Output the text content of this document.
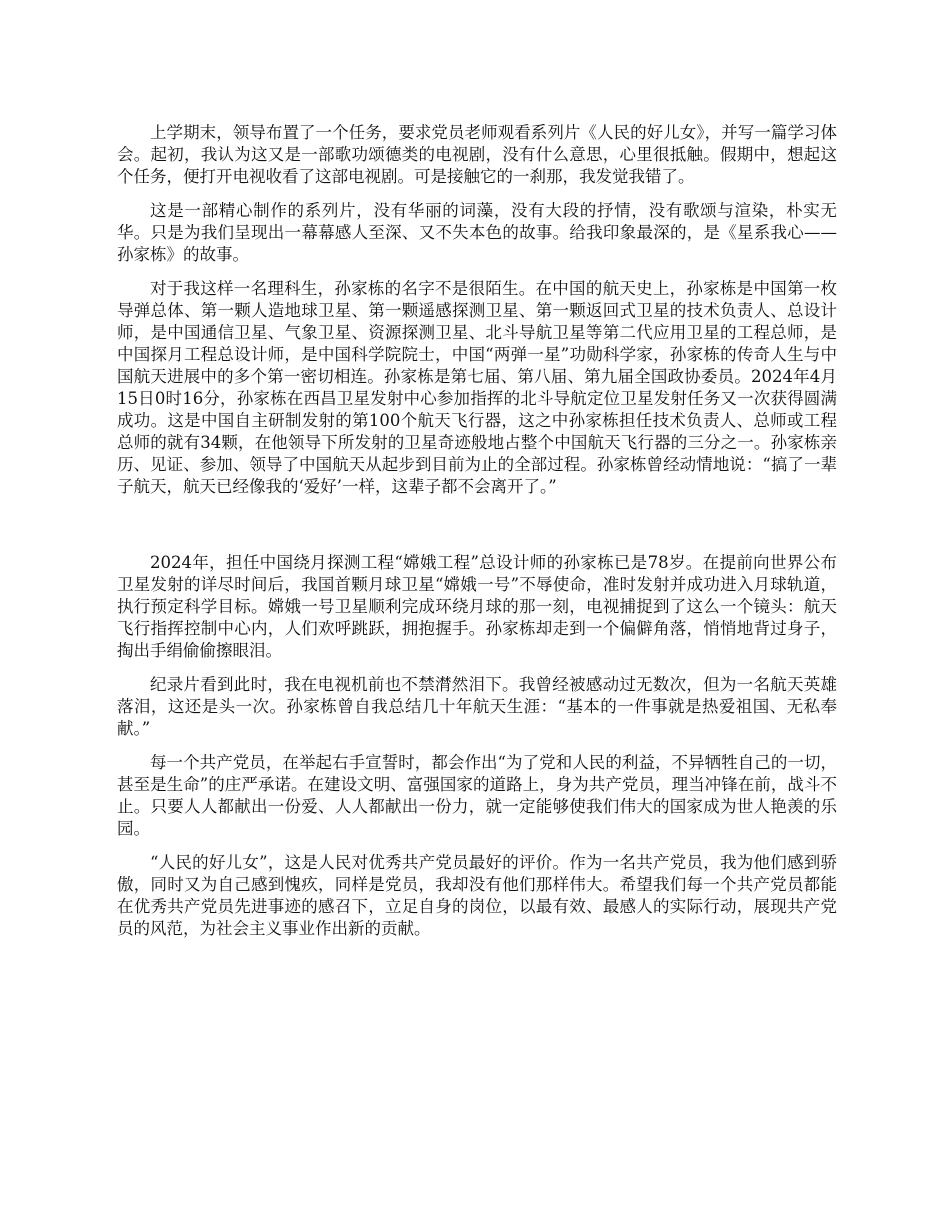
上学期末，领导布置了一个任务，要求党员老师观看系列片《人民的好儿女》，并写一篇学习体会。起初，我认为这又是一部歌功颂德类的电视剧，没有什么意思，心里很抵触。假期中，想起这个任务，便打开电视收看了这部电视剧。可是接触它的一刹那，我发觉我错了。

这是一部精心制作的系列片，没有华丽的词藻，没有大段的抒情，没有歌颂与渲染，朴实无华。只是为我们呈现出一幕幕感人至深、又不失本色的故事。给我印象最深的，是《星系我心——孙家栋》的故事。

对于我这样一名理科生，孙家栋的名字不是很陌生。在中国的航天史上，孙家栋是中国第一枚导弹总体、第一颗人造地球卫星、第一颗遥感探测卫星、第一颗返回式卫星的技术负责人、总设计师，是中国通信卫星、气象卫星、资源探测卫星、北斗导航卫星等第二代应用卫星的工程总师，是中国探月工程总设计师，是中国科学院院士，中国“两弹一星”功勋科学家，孙家栋的传奇人生与中国航天进展中的多个第一密切相连。孙家栋是第七届、第八届、第九届全国政协委员。2024年4月15日0时16分，孙家栋在西昌卫星发射中心参加指挥的北斗导航定位卫星发射任务又一次获得圆满成功。这是中国自主研制发射的第100个航天飞行器，这之中孙家栋担任技术负责人、总师或工程总师的就有34颗，在他领导下所发射的卫星奇迹般地占整个中国航天飞行器的三分之一。孙家栋亲历、见证、参加、领导了中国航天从起步到目前为止的全部过程。孙家栋曾经动情地说：“搞了一辈子航天，航天已经像我的‘爱好’一样，这辈子都不会离开了。”

2024年，担任中国绕月探测工程“嫦娥工程”总设计师的孙家栋已是78岁。在提前向世界公布卫星发射的详尽时间后，我国首颗月球卫星“嫦娥一号”不辱使命，准时发射并成功进入月球轨道，执行预定科学目标。嫦娥一号卫星顺利完成环绕月球的那一刻，电视捕捉到了这么一个镜头：航天飞行指挥控制中心内，人们欢呼跳跃，拥抱握手。孙家栋却走到一个偏僻角落，悄悄地背过身子，掏出手绢偷偷擦眼泪。

纪录片看到此时，我在电视机前也不禁潸然泪下。我曾经被感动过无数次，但为一名航天英雄落泪，这还是头一次。孙家栋曾自我总结几十年航天生涯：“基本的一件事就是热爱祖国、无私奉献。”

每一个共产党员，在举起右手宣誓时，都会作出“为了党和人民的利益，不异牺牲自己的一切，甚至是生命”的庄严承诺。在建设文明、富强国家的道路上，身为共产党员，理当冲锋在前，战斗不止。只要人人都献出一份爱、人人都献出一份力，就一定能够使我们伟大的国家成为世人艳羡的乐园。

“人民的好儿女”，这是人民对优秀共产党员最好的评价。作为一名共产党员，我为他们感到骄傲，同时又为自己感到愧疚，同样是党员，我却没有他们那样伟大。希望我们每一个共产党员都能在优秀共产党员先进事迹的感召下，立足自身的岗位，以最有效、最感人的实际行动，展现共产党员的风范，为社会主义事业作出新的贡献。
